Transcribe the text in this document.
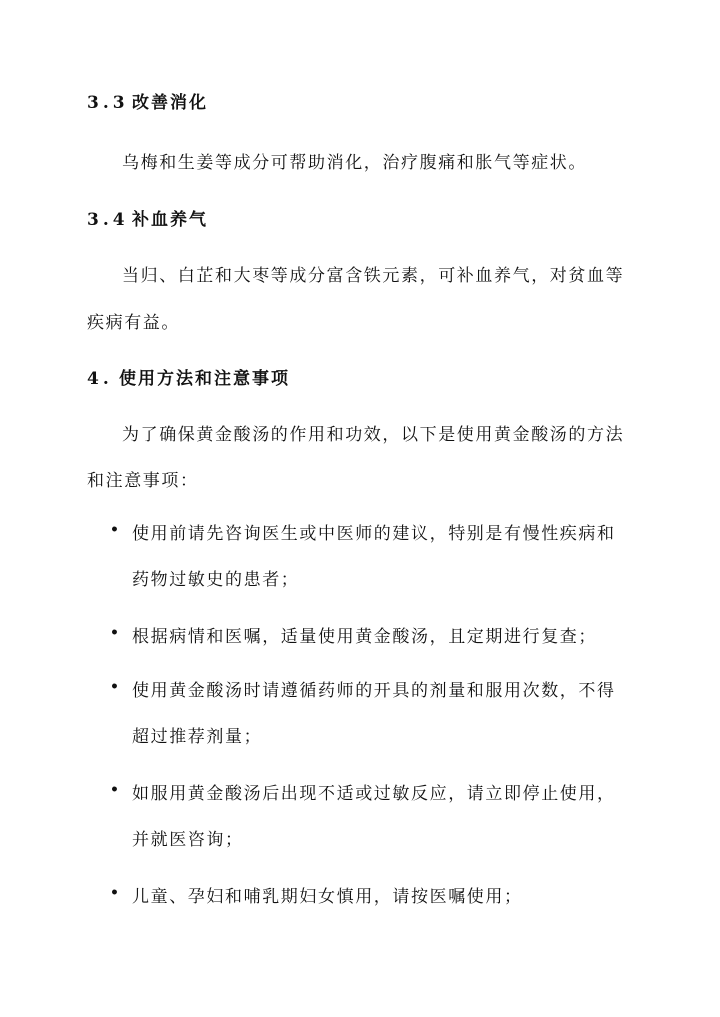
3.3 改善消化
乌梅和生姜等成分可帮助消化，治疗腹痛和胀气等症状。
3.4 补血养气
当归、白芷和大枣等成分富含铁元素，可补血养气，对贫血等
疾病有益。
4. 使用方法和注意事项
为了确保黄金酸汤的作用和功效，以下是使用黄金酸汤的方法
和注意事项：
• 使用前请先咨询医生或中医师的建议，特别是有慢性疾病和
药物过敏史的患者；
• 根据病情和医嘱，适量使用黄金酸汤，且定期进行复查；
• 使用黄金酸汤时请遵循药师的开具的剂量和服用次数，不得
超过推荐剂量；
• 如服用黄金酸汤后出现不适或过敏反应，请立即停止使用，
并就医咨询；
• 儿童、孕妇和哺乳期妇女慎用，请按医嘱使用；
